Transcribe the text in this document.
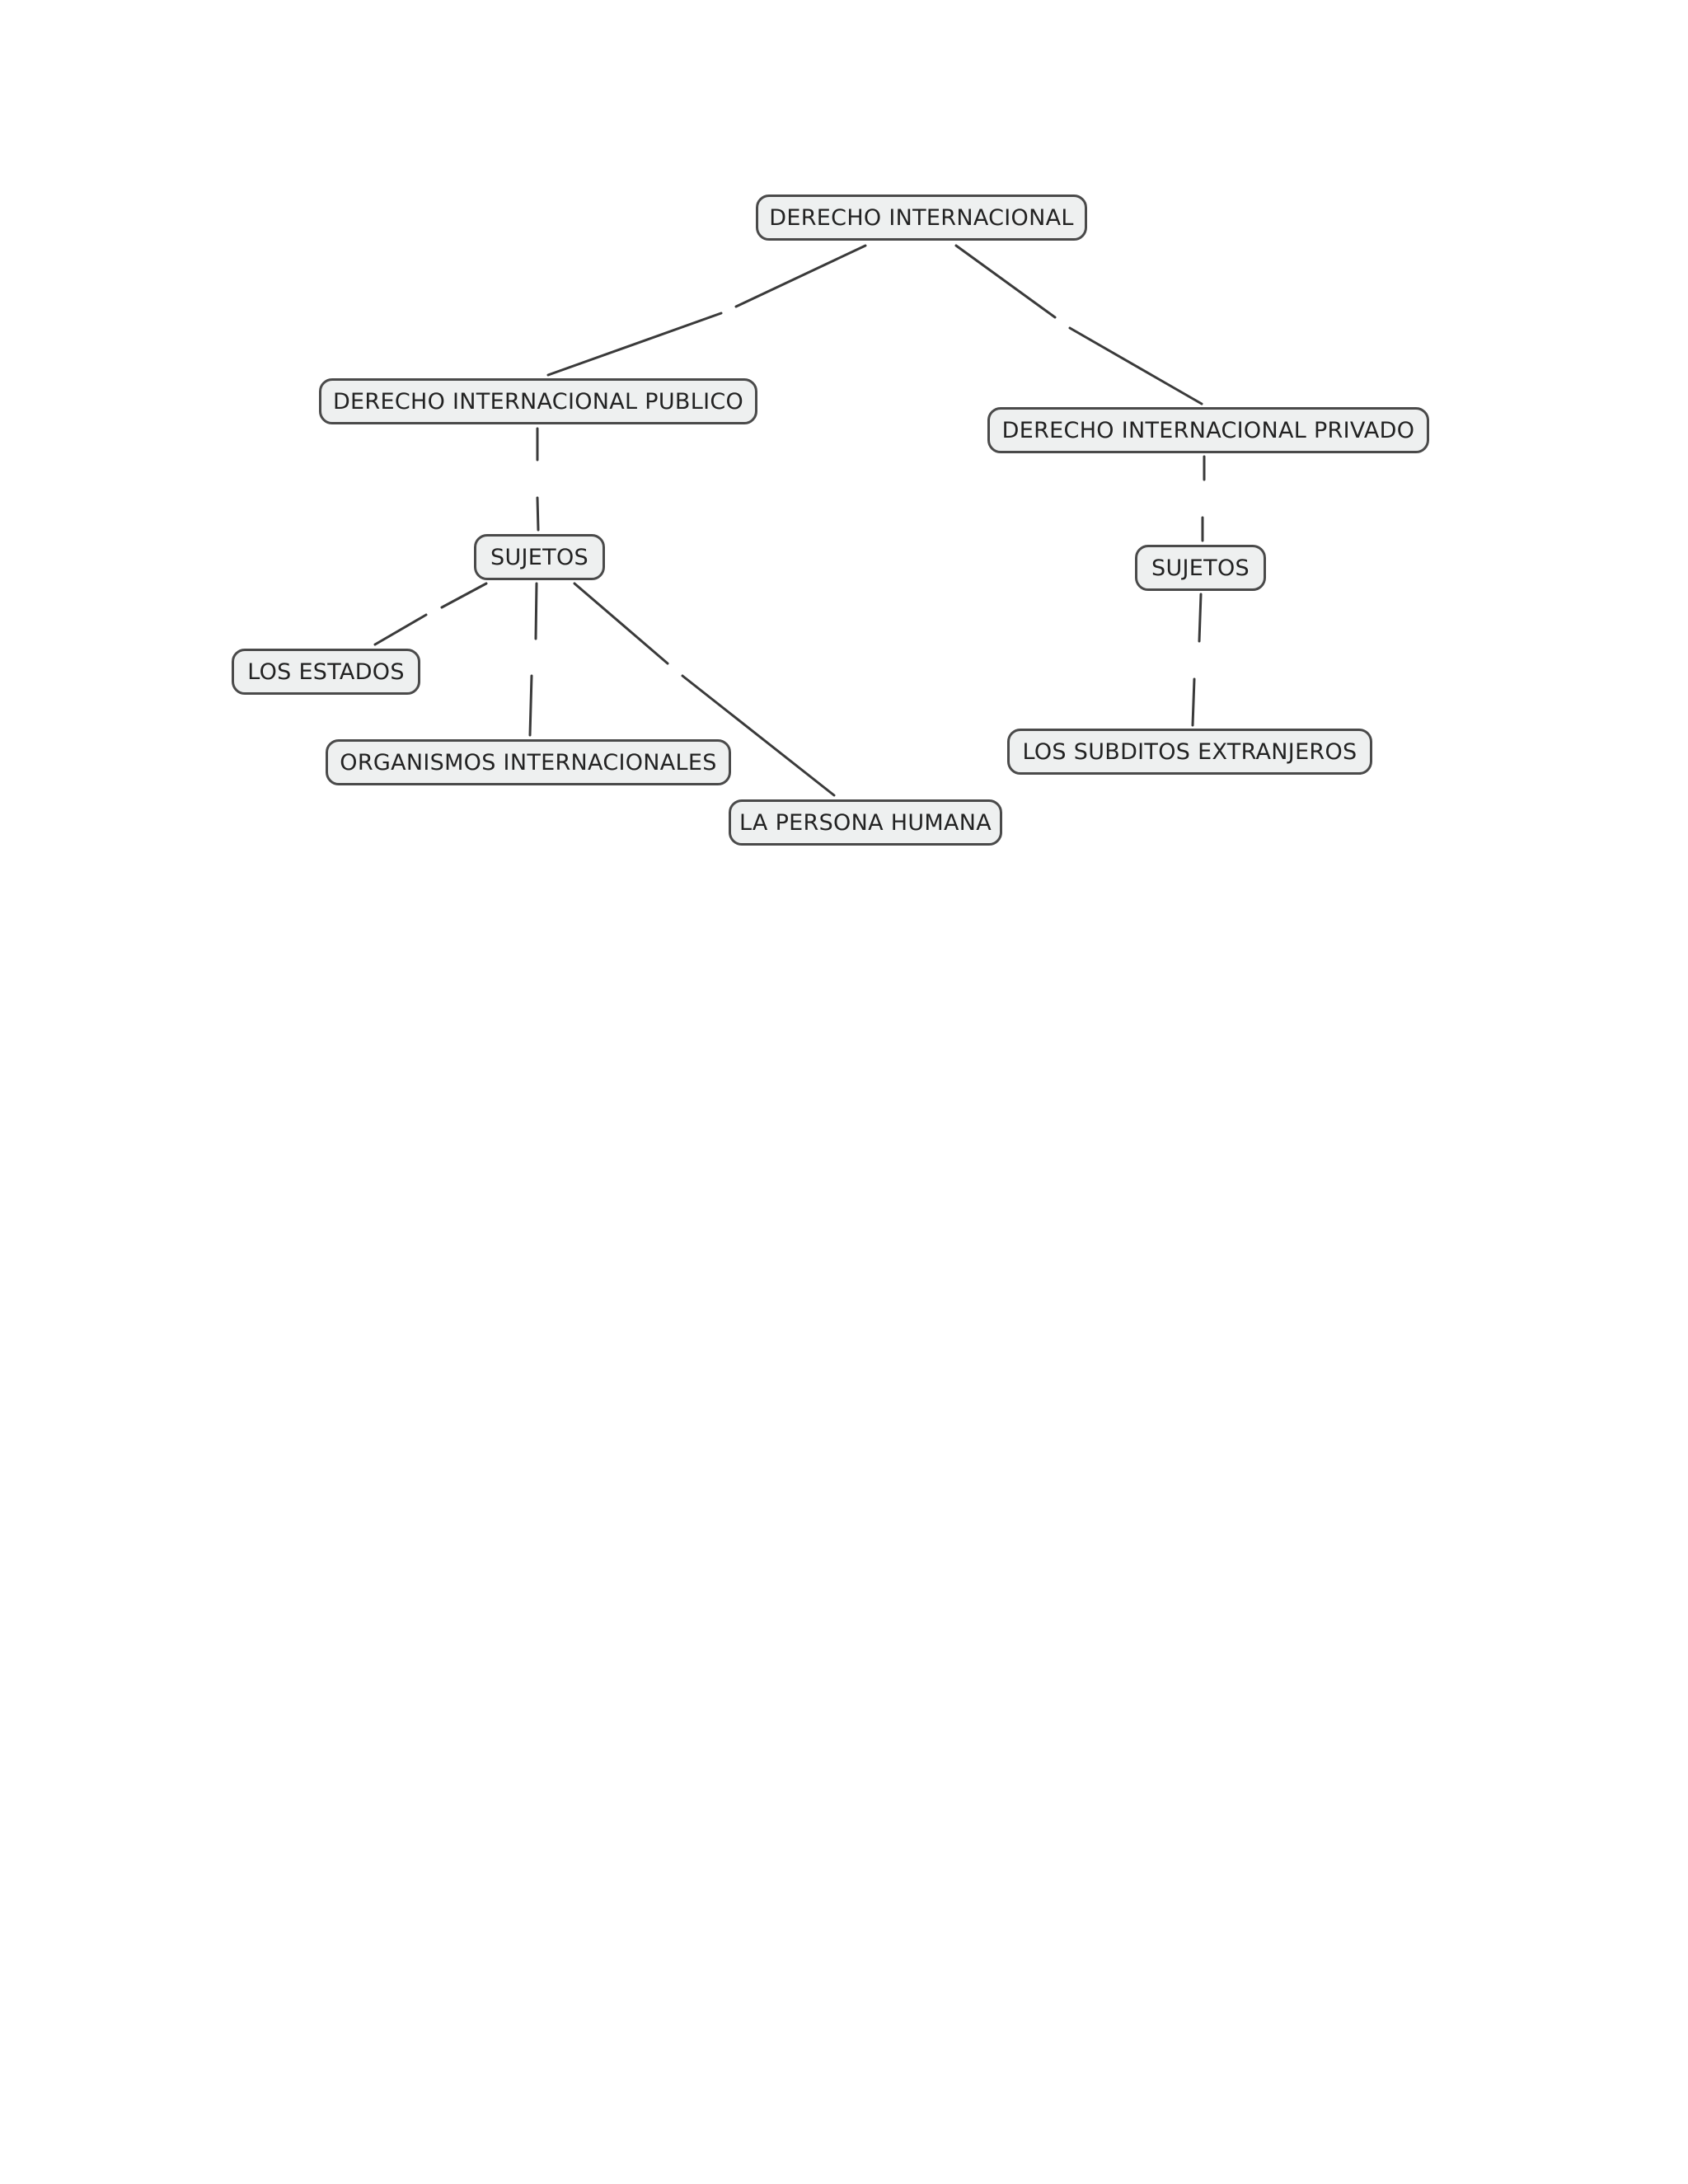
DERECHO INTERNACIONAL
DERECHO INTERNACIONAL PUBLICO
DERECHO INTERNACIONAL PRIVADO
SUJETOS	SUJETOS
LOS ESTADOS
ORGANISMOS INTERNACIONALES
LA PERSONA HUMANA
LOS SUBDITOS EXTRANJEROS
